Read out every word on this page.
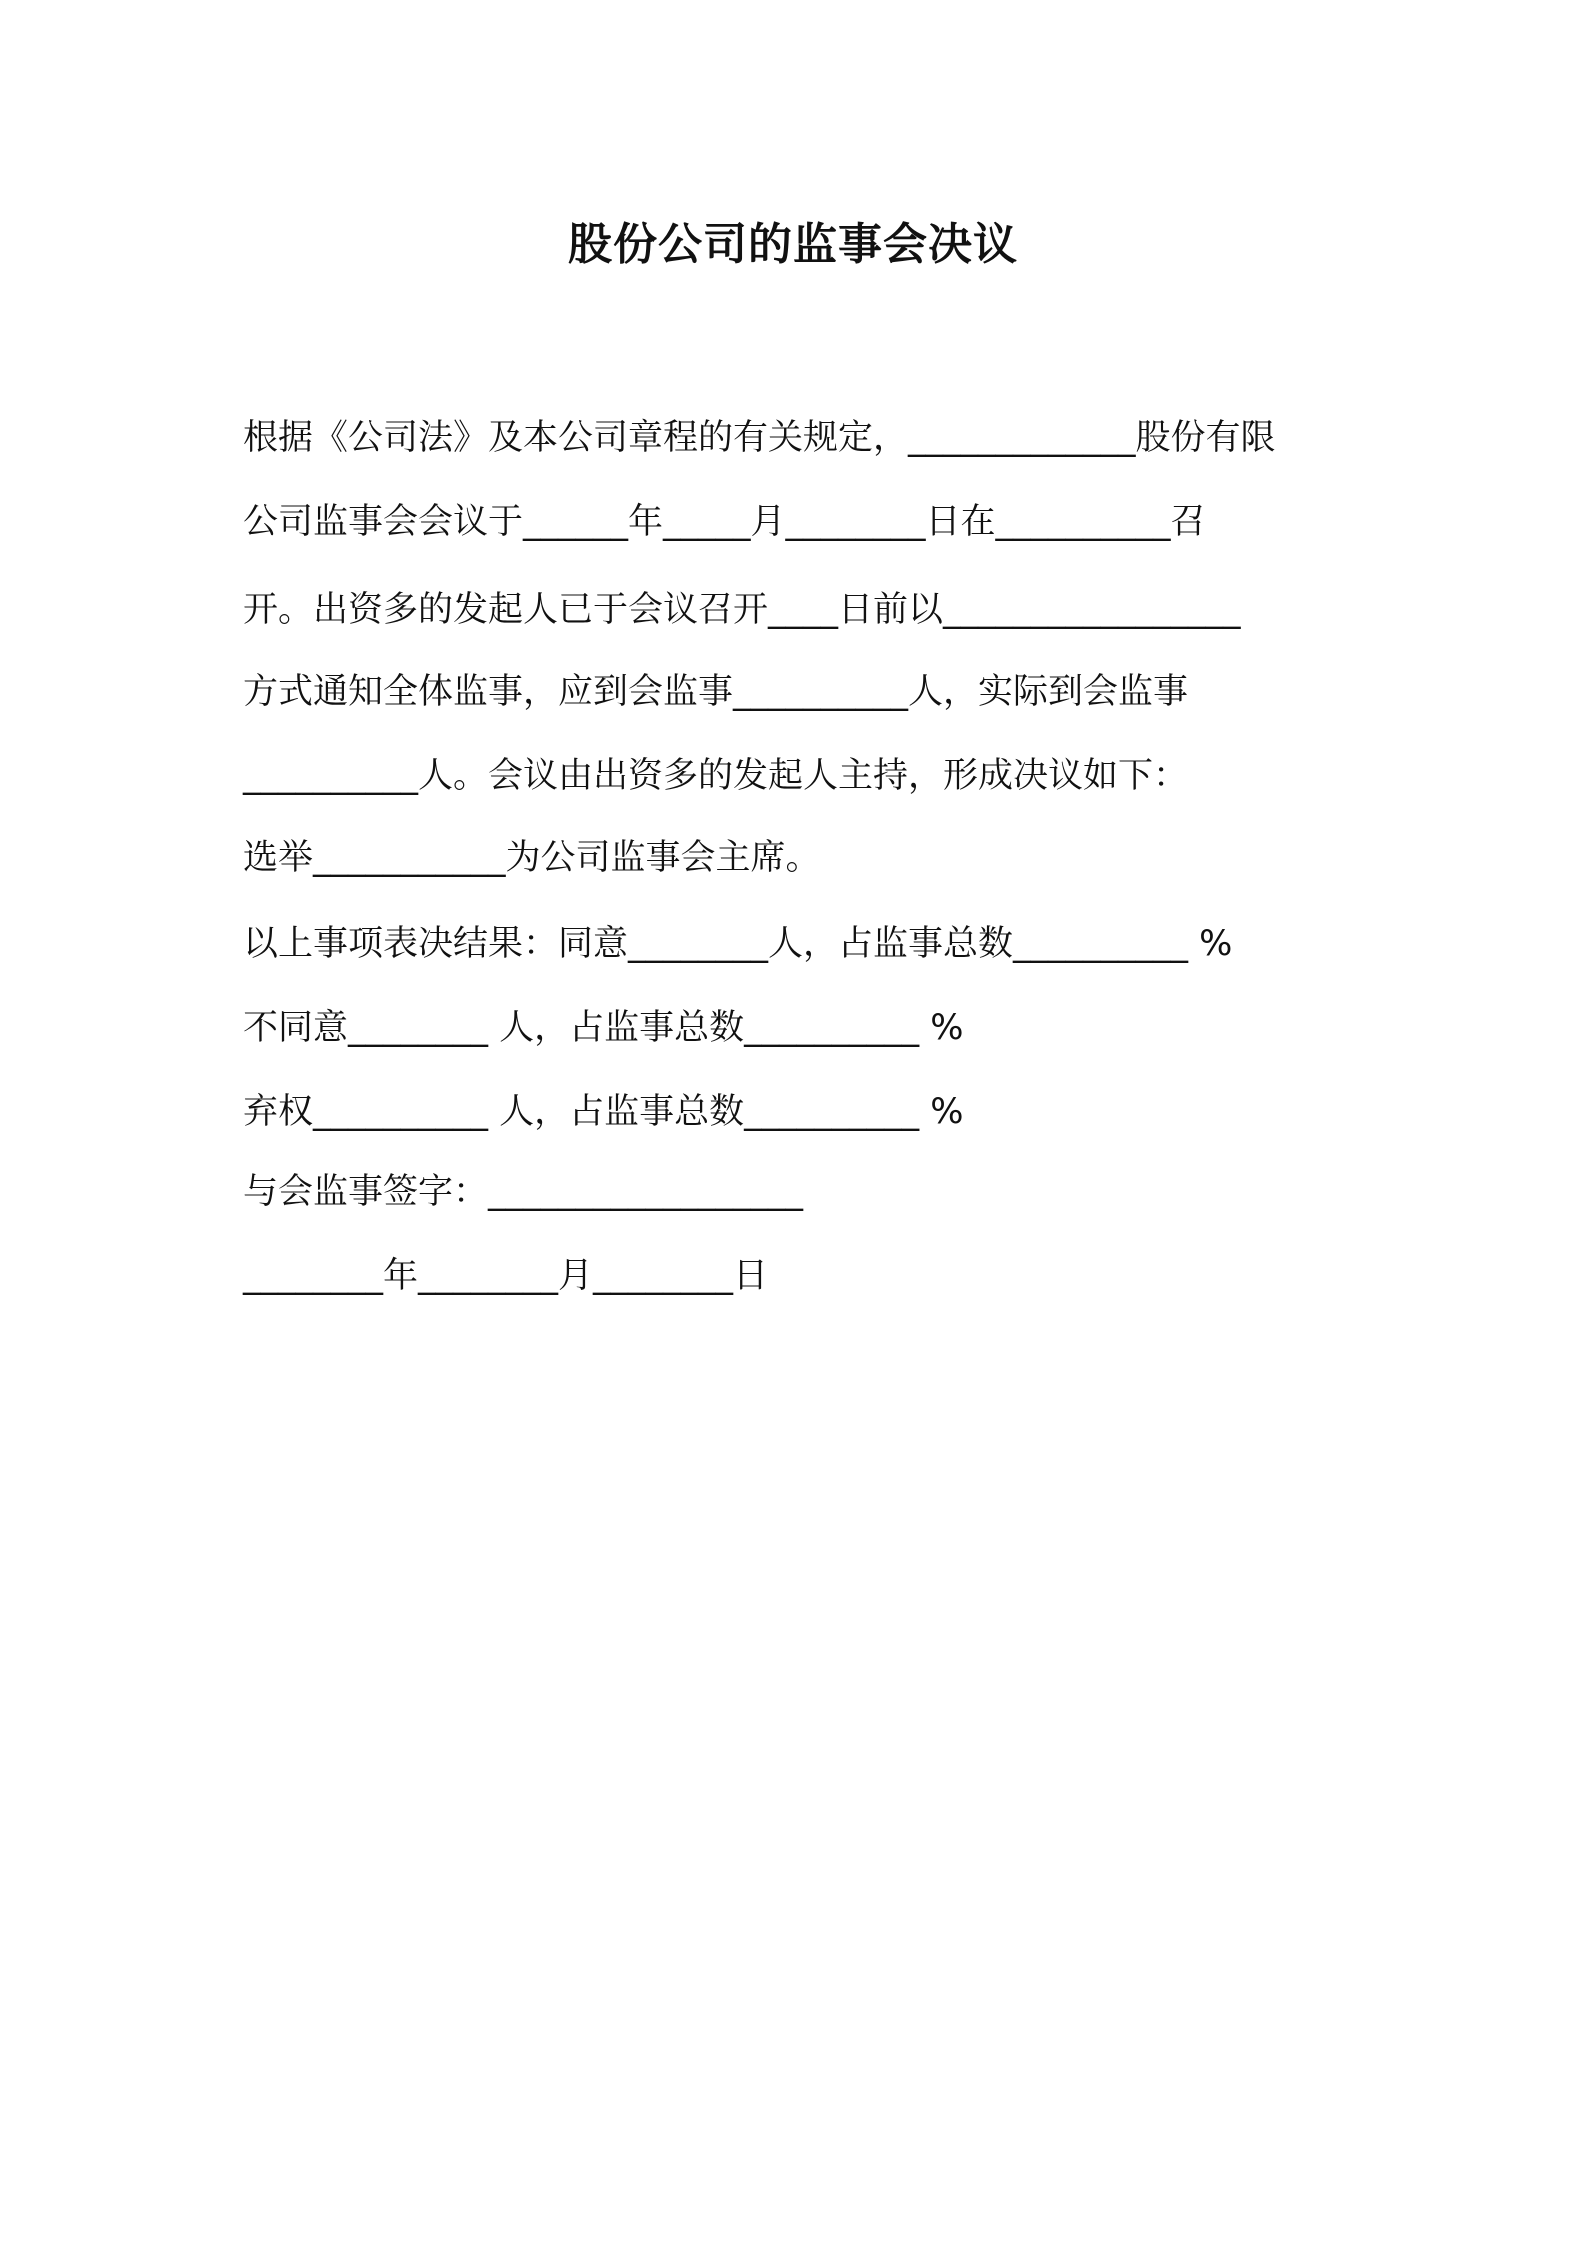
股份公司的监事会决议
根据《公司法》及本公司章程的有关规定，_____________股份有限
公司监事会会议于______年_____月________日在__________召
开。出资多的发起人已于会议召开____日前以_________________
方式通知全体监事，应到会监事__________人，实际到会监事
__________人。会议由出资多的发起人主持，形成决议如下：
选举___________为公司监事会主席。
以上事项表决结果：同意________人，占监事总数__________ %
不同意________ 人，占监事总数__________ %
弃权__________ 人，占监事总数__________ %
与会监事签字：__________________
________年________月________日
